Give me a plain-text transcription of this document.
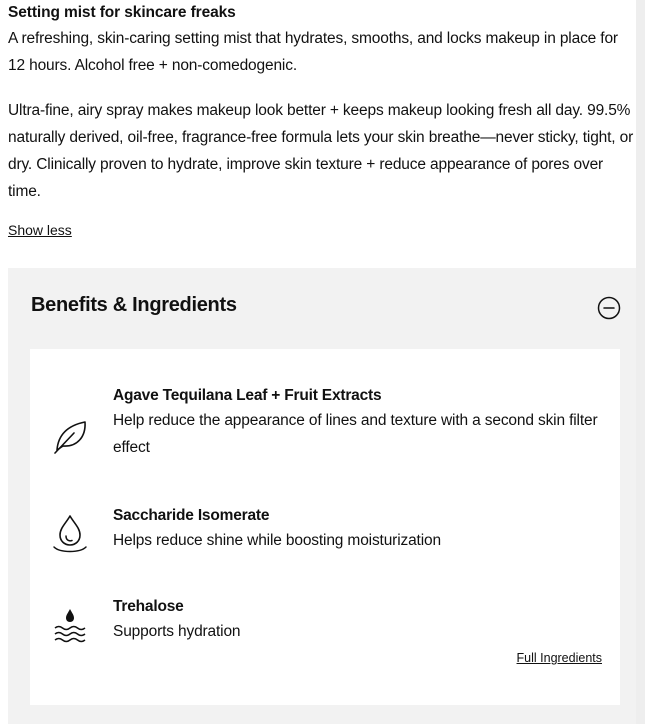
Setting mist for skincare freaks

A refreshing, skin-caring setting mist that hydrates, smooths, and locks makeup in place for 12 hours. Alcohol free + non-comedogenic.

Ultra-fine, airy spray makes makeup look better + keeps makeup looking fresh all day. 99.5% naturally derived, oil-free, fragrance-free formula lets your skin breathe—never sticky, tight, or dry. Clinically proven to hydrate, improve skin texture + reduce appearance of pores over time.

Show less
Benefits & Ingredients
Agave Tequilana Leaf + Fruit Extracts
Help reduce the appearance of lines and texture with a second skin filter effect
Saccharide Isomerate
Helps reduce shine while boosting moisturization
Trehalose
Supports hydration
Full Ingredients
